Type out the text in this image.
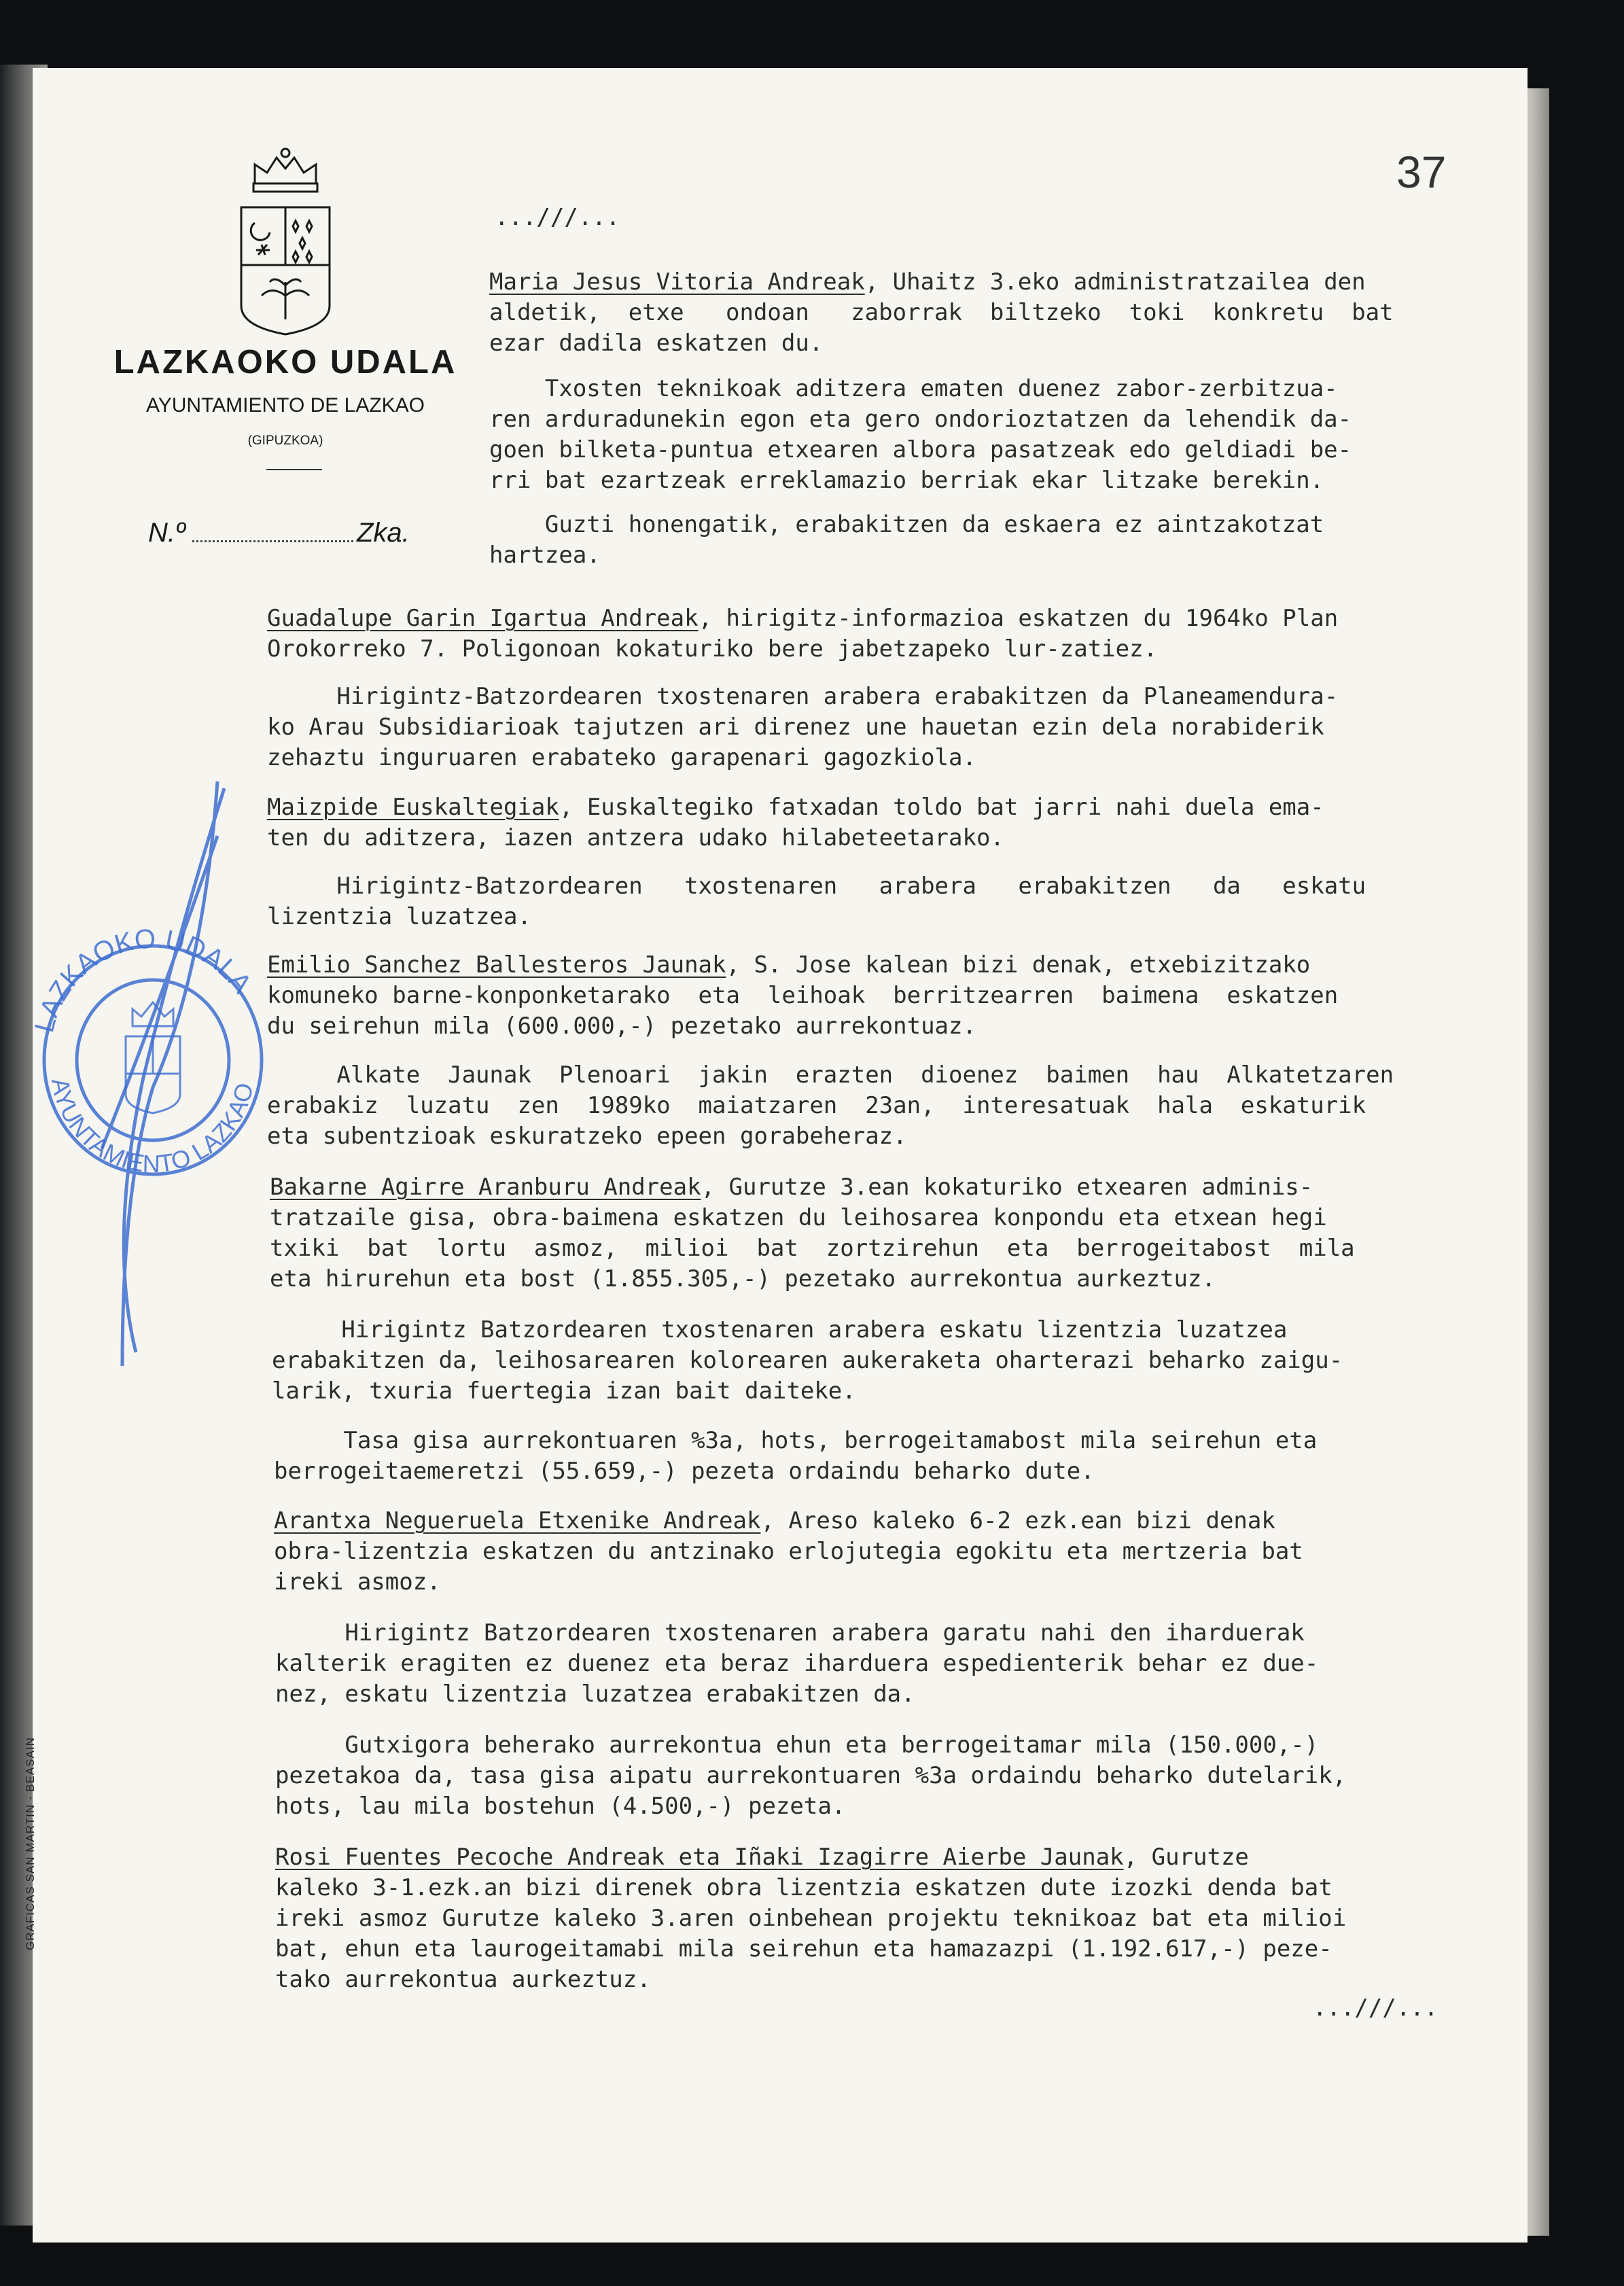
GRAFICAS SAN MARTIN - BEASAIN
37
LAZKAOKO UDALA
AYUNTAMIENTO DE LAZKAO
(GIPUZKOA)
N.º	Zka.
LAZKAOKO UDALA
AYUNTAMIENTO LAZKAO
...///...
Maria Jesus Vitoria Andreak, Uhaitz 3.eko administratzailea den
aldetik,  etxe   ondoan   zaborrak  biltzeko  toki  konkretu  bat
ezar dadila eskatzen du.
Txosten teknikoak aditzera ematen duenez zabor-zerbitzua-
ren arduradunekin egon eta gero ondorioztatzen da lehendik da-
goen bilketa-puntua etxearen albora pasatzeak edo geldiadi be-
rri bat ezartzeak erreklamazio berriak ekar litzake berekin.
Guzti honengatik, erabakitzen da eskaera ez aintzakotzat
hartzea.
Guadalupe Garin Igartua Andreak, hirigitz-informazioa eskatzen du 1964ko Plan
Orokorreko 7. Poligonoan kokaturiko bere jabetzapeko lur-zatiez.
Hirigintz-Batzordearen txostenaren arabera erabakitzen da Planeamendura-
ko Arau Subsidiarioak tajutzen ari direnez une hauetan ezin dela norabiderik
zehaztu inguruaren erabateko garapenari gagozkiola.
Maizpide Euskaltegiak, Euskaltegiko fatxadan toldo bat jarri nahi duela ema-
ten du aditzera, iazen antzera udako hilabeteetarako.
Hirigintz-Batzordearen   txostenaren   arabera   erabakitzen   da   eskatu
lizentzia luzatzea.
Emilio Sanchez Ballesteros Jaunak, S. Jose kalean bizi denak, etxebizitzako
komuneko barne-konponketarako  eta  leihoak  berritzearren  baimena  eskatzen
du seirehun mila (600.000,-) pezetako aurrekontuaz.
Alkate  Jaunak  Plenoari  jakin  erazten  dioenez  baimen  hau  Alkatetzaren
erabakiz  luzatu  zen  1989ko  maiatzaren  23an,  interesatuak  hala  eskaturik
eta subentzioak eskuratzeko epeen gorabeheraz.
Bakarne Agirre Aranburu Andreak, Gurutze 3.ean kokaturiko etxearen adminis-
tratzaile gisa, obra-baimena eskatzen du leihosarea konpondu eta etxean hegi
txiki  bat  lortu  asmoz,  milioi  bat  zortzirehun  eta  berrogeitabost  mila
eta hirurehun eta bost (1.855.305,-) pezetako aurrekontua aurkeztuz.
Hirigintz Batzordearen txostenaren arabera eskatu lizentzia luzatzea
erabakitzen da, leihosarearen kolorearen aukeraketa oharterazi beharko zaigu-
larik, txuria fuertegia izan bait daiteke.
Tasa gisa aurrekontuaren %3a, hots, berrogeitamabost mila seirehun eta
berrogeitaemeretzi (55.659,-) pezeta ordaindu beharko dute.
Arantxa Negueruela Etxenike Andreak, Areso kaleko 6-2 ezk.ean bizi denak
obra-lizentzia eskatzen du antzinako erlojutegia egokitu eta mertzeria bat
ireki asmoz.
Hirigintz Batzordearen txostenaren arabera garatu nahi den iharduerak
kalterik eragiten ez duenez eta beraz iharduera espedienterik behar ez due-
nez, eskatu lizentzia luzatzea erabakitzen da.
Gutxigora beherako aurrekontua ehun eta berrogeitamar mila (150.000,-)
pezetakoa da, tasa gisa aipatu aurrekontuaren %3a ordaindu beharko dutelarik,
hots, lau mila bostehun (4.500,-) pezeta.
Rosi Fuentes Pecoche Andreak eta Iñaki Izagirre Aierbe Jaunak, Gurutze
kaleko 3-1.ezk.an bizi direnek obra lizentzia eskatzen dute izozki denda bat
ireki asmoz Gurutze kaleko 3.aren oinbehean projektu teknikoaz bat eta milioi
bat, ehun eta laurogeitamabi mila seirehun eta hamazazpi (1.192.617,-) peze-
tako aurrekontua aurkeztuz.
...///...
